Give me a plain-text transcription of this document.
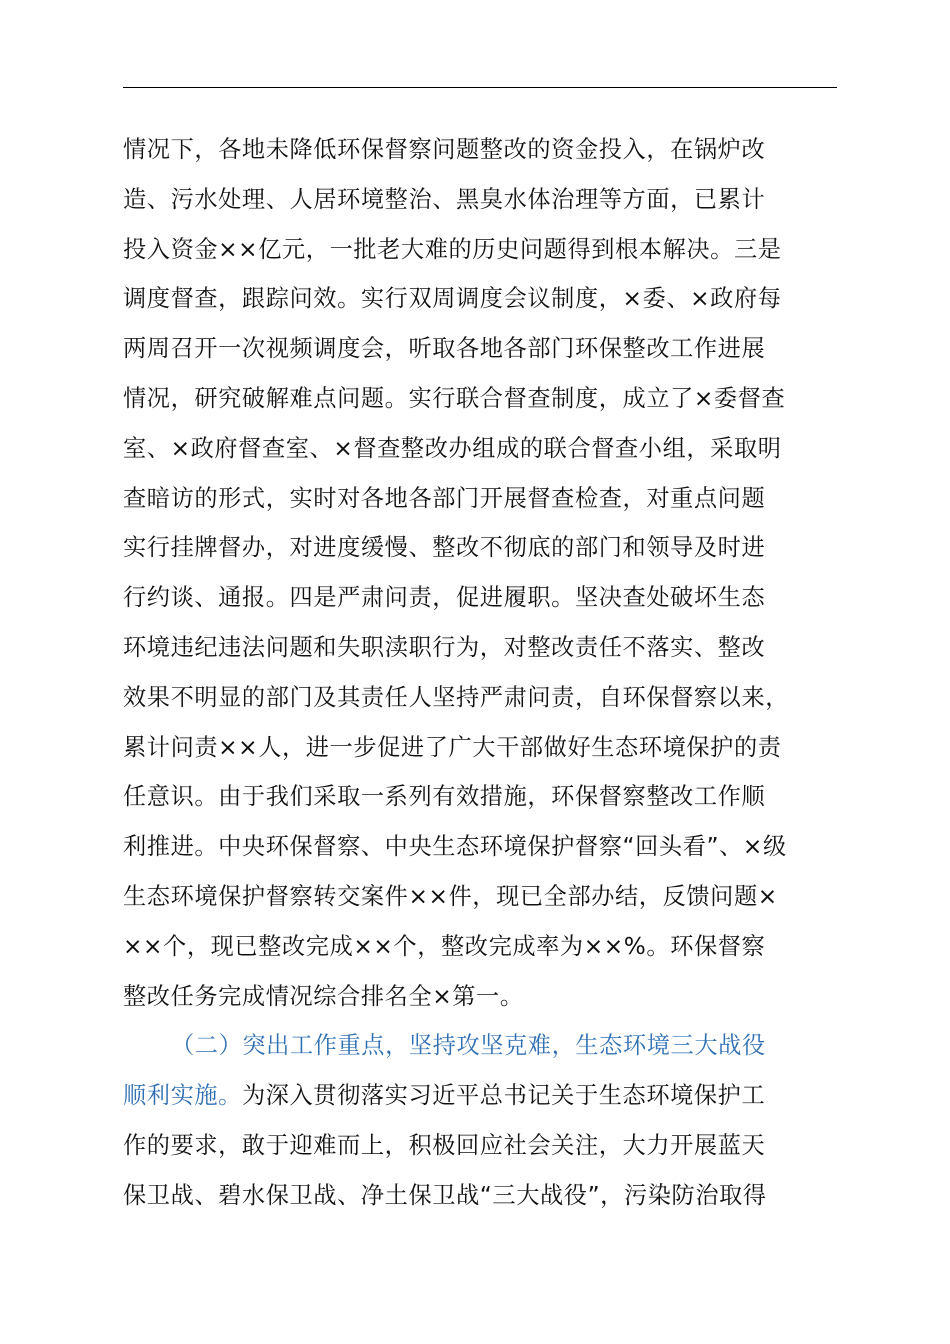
情况下，各地未降低环保督察问题整改的资金投入，在锅炉改
造、污水处理、人居环境整治、黑臭水体治理等方面，已累计
投入资金××亿元，一批老大难的历史问题得到根本解决。三是
调度督查，跟踪问效。实行双周调度会议制度，×委、×政府每
两周召开一次视频调度会，听取各地各部门环保整改工作进展
情况，研究破解难点问题。实行联合督查制度，成立了×委督查
室、×政府督查室、×督查整改办组成的联合督查小组，采取明
查暗访的形式，实时对各地各部门开展督查检查，对重点问题
实行挂牌督办，对进度缓慢、整改不彻底的部门和领导及时进
行约谈、通报。四是严肃问责，促进履职。坚决查处破坏生态
环境违纪违法问题和失职渎职行为，对整改责任不落实、整改
效果不明显的部门及其责任人坚持严肃问责，自环保督察以来，
累计问责××人，进一步促进了广大干部做好生态环境保护的责
任意识。由于我们采取一系列有效措施，环保督察整改工作顺
利推进。中央环保督察、中央生态环境保护督察“回头看”、×级
生态环境保护督察转交案件××件，现已全部办结，反馈问题×
××个，现已整改完成××个，整改完成率为××%。环保督察
整改任务完成情况综合排名全×第一。
（二）突出工作重点，坚持攻坚克难，生态环境三大战役
顺利实施。为深入贯彻落实习近平总书记关于生态环境保护工
作的要求，敢于迎难而上，积极回应社会关注，大力开展蓝天
保卫战、碧水保卫战、净土保卫战“三大战役”，污染防治取得
